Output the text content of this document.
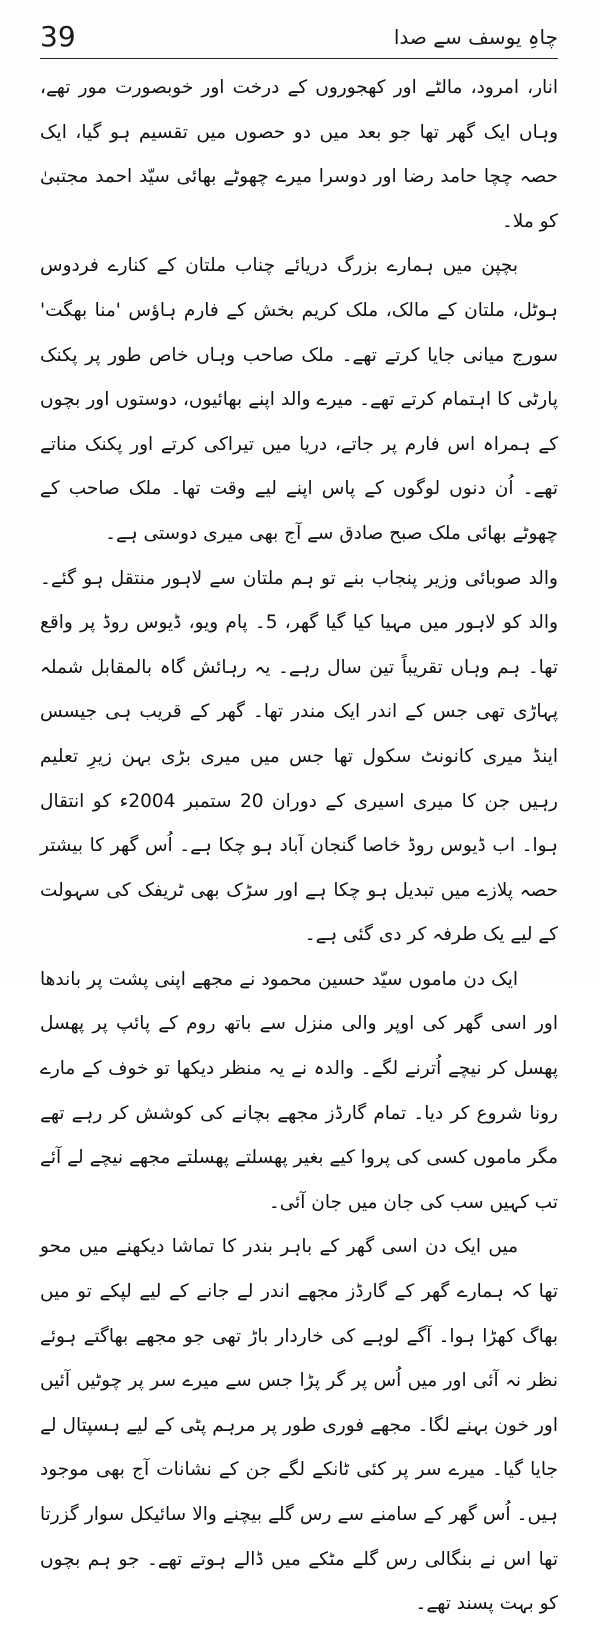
39	چاہِ یوسف سے صدا

انار، امرود، مالٹے اور کھجوروں کے درخت اور خوبصورت مور تھے، وہاں ایک گھر تھا جو بعد میں دو حصوں میں تقسیم ہو گیا، ایک حصہ چچا حامد رضا اور دوسرا میرے چھوٹے بھائی سیّد احمد مجتبیٰ کو ملا۔

بچپن میں ہمارے بزرگ دریائے چناب ملتان کے کنارے فردوس ہوٹل، ملتان کے مالک، ملک کریم بخش کے فارم ہاؤس 'منا بھگت' سورج میانی جایا کرتے تھے۔ ملک صاحب وہاں خاص طور پر پکنک پارٹی کا اہتمام کرتے تھے۔ میرے والد اپنے بھائیوں، دوستوں اور بچوں کے ہمراہ اس فارم پر جاتے، دریا میں تیراکی کرتے اور پکنک مناتے تھے۔ اُن دنوں لوگوں کے پاس اپنے لیے وقت تھا۔ ملک صاحب کے چھوٹے بھائی ملک صبح صادق سے آج بھی میری دوستی ہے۔

والد صوبائی وزیر پنجاب بنے تو ہم ملتان سے لاہور منتقل ہو گئے۔ والد کو لاہور میں مہیا کیا گیا گھر، 5۔ پام ویو، ڈیوس روڈ پر واقع تھا۔ ہم وہاں تقریباً تین سال رہے۔ یہ رہائش گاہ بالمقابل شملہ پہاڑی تھی جس کے اندر ایک مندر تھا۔ گھر کے قریب ہی جیسس اینڈ میری کانونٹ سکول تھا جس میں میری بڑی بہن زیرِ تعلیم رہیں جن کا میری اسیری کے دوران 20 ستمبر 2004ء کو انتقال ہوا۔ اب ڈیوس روڈ خاصا گنجان آباد ہو چکا ہے۔ اُس گھر کا بیشتر حصہ پلازے میں تبدیل ہو چکا ہے اور سڑک بھی ٹریفک کی سہولت کے لیے یک طرفہ کر دی گئی ہے۔

ایک دن ماموں سیّد حسین محمود نے مجھے اپنی پشت پر باندھا اور اسی گھر کی اوپر والی منزل سے باتھ روم کے پائپ پر پھسل پھسل کر نیچے اُترنے لگے۔ والدہ نے یہ منظر دیکھا تو خوف کے مارے رونا شروع کر دیا۔ تمام گارڈز مجھے بچانے کی کوشش کر رہے تھے مگر ماموں کسی کی پروا کیے بغیر پھسلتے پھسلتے مجھے نیچے لے آئے تب کہیں سب کی جان میں جان آئی۔

میں ایک دن اسی گھر کے باہر بندر کا تماشا دیکھنے میں محو تھا کہ ہمارے گھر کے گارڈز مجھے اندر لے جانے کے لیے لپکے تو میں بھاگ کھڑا ہوا۔ آگے لوہے کی خاردار باڑ تھی جو مجھے بھاگتے ہوئے نظر نہ آئی اور میں اُس پر گر پڑا جس سے میرے سر پر چوٹیں آئیں اور خون بہنے لگا۔ مجھے فوری طور پر مرہم پٹی کے لیے ہسپتال لے جایا گیا۔ میرے سر پر کئی ٹانکے لگے جن کے نشانات آج بھی موجود ہیں۔ اُس گھر کے سامنے سے رس گلے بیچنے والا سائیکل سوار گزرتا تھا اس نے بنگالی رس گلے مٹکے میں ڈالے ہوتے تھے۔ جو ہم بچوں کو بہت پسند تھے۔
